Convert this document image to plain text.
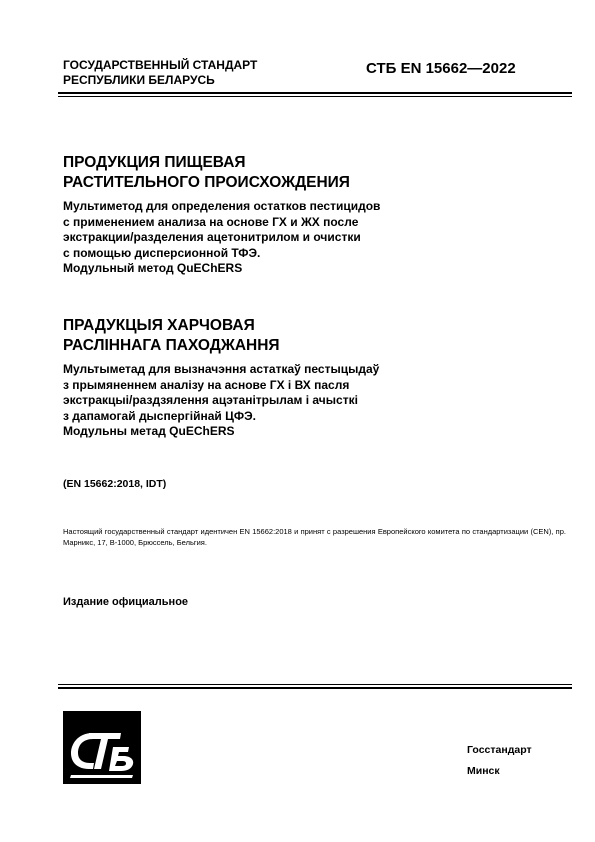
ГОСУДАРСТВЕННЫЙ СТАНДАРТ
РЕСПУБЛИКИ БЕЛАРУСЬ
СТБ EN 15662—2022
ПРОДУКЦИЯ ПИЩЕВАЯ
РАСТИТЕЛЬНОГО ПРОИСХОЖДЕНИЯ
Мультиметод для определения остатков пестицидов
с применением анализа на основе ГХ и ЖХ после
экстракции/разделения ацетонитрилом и очистки
с помощью дисперсионной ТФЭ.
Модульный метод QuEChERS
ПРАДУКЦЫЯ ХАРЧОВАЯ
РАСЛІННАГА ПАХОДЖАННЯ
Мультыметад для вызначэння астаткаў пестыцыдаў
з прымяненнем аналізу на аснове ГХ і ВХ пасля
экстракцыі/раздзялення ацэтанітрылам і ачысткі
з дапамогай дыспергійнай ЦФЭ.
Модульны метад QuEChERS
(EN 15662:2018, IDT)
Настоящий государственный стандарт идентичен EN 15662:2018 и принят с разрешения Европейского комитета по стандартизации (CEN), пр. Марникс, 17, B-1000, Брюссель, Бельгия.
Издание официальное
Госстандарт
Минск
